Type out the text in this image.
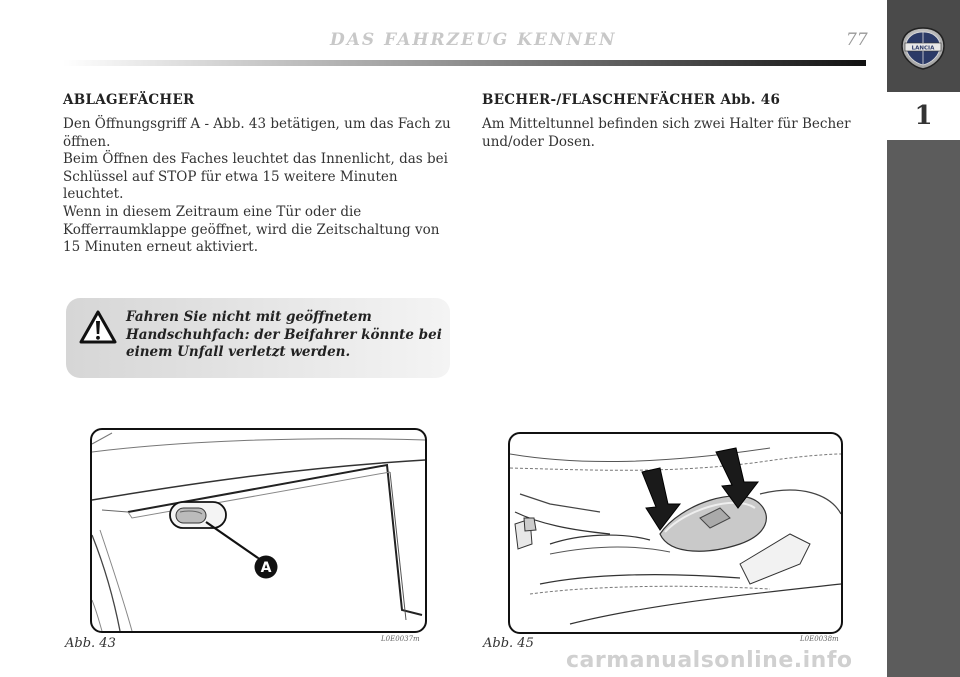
DAS FAHRZEUG KENNEN	77	LANCIA
1
ABLAGEFÄCHER

Den Öffnungsgriff A - Abb. 43 betätigen, um das Fach zu öffnen.

Beim Öffnen des Faches leuchtet das Innenlicht, das bei Schlüssel auf STOP für etwa 15 weitere Minuten leuchtet.

Wenn in diesem Zeitraum eine Tür oder die Kofferraumklappe geöffnet, wird die Zeitschaltung von 15 Minuten erneut aktiviert.

Fahren Sie nicht mit geöffnetem Handschuhfach: der Beifahrer könnte bei einem Unfall verletzt werden.
BECHER-/FLASCHENFÄCHER Abb. 46

Am Mitteltunnel befinden sich zwei Halter für Becher und/oder Dosen.

A
Abb. 43	L0E0037m	Abb. 45	L0E0038m
carmanualsonline.info
